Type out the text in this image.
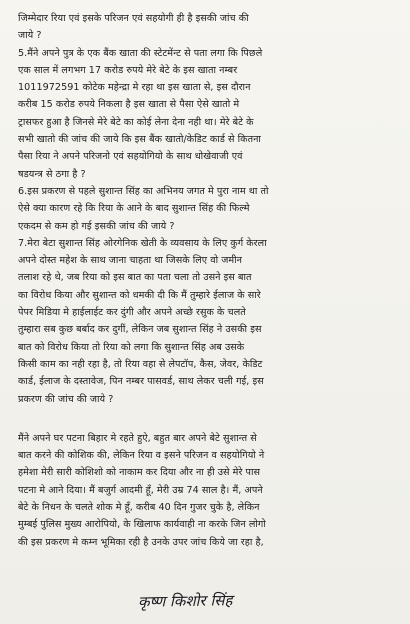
जिम्मेदार रिया एवं इसके परिजन एवं सहयोगी ही है इसकी जांच की
जाये ?
5.मैंने अपने पुत्र के एक बैंक खाता की स्टेटमेंन्ट से पता लगा कि पिछले
एक साल में लगभग 17 करोड रुपये मेरे बेटे के इस खाता नम्बर
1011972591 कोटेक महेन्द्रा मे रहा था इस खाता से, इस दौरान
करीब 15 करोड रुपये निकला है इस खाता से पैसा ऐसे खातो मे
ट्रासफर हुआ है जिनसे मेरे बेटे का कोई लेना देना नही था। मेरे बेटे के
सभी खातो की जांच की जाये कि इस बैंक खातो/केडिट कार्ड से कितना
पैसा रिया ने अपने परिजनो एवं सहयोगियो के साथ धोखेवाजी एवं
षडयन्त्र से ठगा है ?
6.इस प्रकरण से पहले सुशान्त सिंह का अभिनय जगत मे पुरा नाम था तो
ऐसे क्या कारण रहे कि रिया के आने के बाद सुशान्त सिंह की फिल्मे
एकदम से कम हो गई इसकी जांच की जाये ?
7.मेरा बेटा सुशान्त सिंह ओरगेनिक खेती के व्यवसाय के लिए कुर्ग केरला
अपने दोस्त महेश के साथ जाना चाहता था जिसके लिए वो जमीन
तलाश रहे थे, जब रिया को इस बात का पता चला तो उसने इस बात
का विरोध किया और सुशान्त को धमकी दी कि मैं तुम्हारे ईलाज के सारे
पेपर मिडिया मे हाईलाईट कर दुंगी और अपने अच्छे रसुक के चलते
तुम्हारा सब कुछ बर्बाद कर दुगीं, लेकिन जब सुशान्त सिंह ने उसकी इस
बात को विरोध किया तो रिया को लगा कि सुशान्त सिंह अब उसके
किसी काम का नही रहा है, तो रिया वहा से लेपटॉप, कैस, जेवर, केडिट
कार्ड, ईलाज के दस्तावेज, पिन नम्बर पासवर्ड, साथ लेकर चली गई, इस
प्रकरण की जांच की जाये ?
मैंने अपने घर पटना बिहार मे रहते हुऐ, बहुत बार अपने बेटे सुशान्त से
बात करने की कोशिक की, लेकिन रिया व इसने परिजन व सहयोगियो ने
हमेशा मेरी सारी कोशिशो को नाकाम कर दिया और ना ही उसे मेरे पास
पटना मे आने दिया। मैं बजुर्ग आदमी हूँ, मेरी उम्र 74 साल है। मैं, अपने
बेटे के निधन के चलते शोक मे हूँ, करीब 40 दिन गुजर चुके है, लेकिन
मुम्बई पुलिस मुख्य आरोपियो, के खिलाफ कार्यवाही ना करके जिन लोगो
की इस प्रकरण मे कम्न भूमिका रही है उनके उपर जांच किये जा रहा है,
कृष्ण किशोर सिंह
